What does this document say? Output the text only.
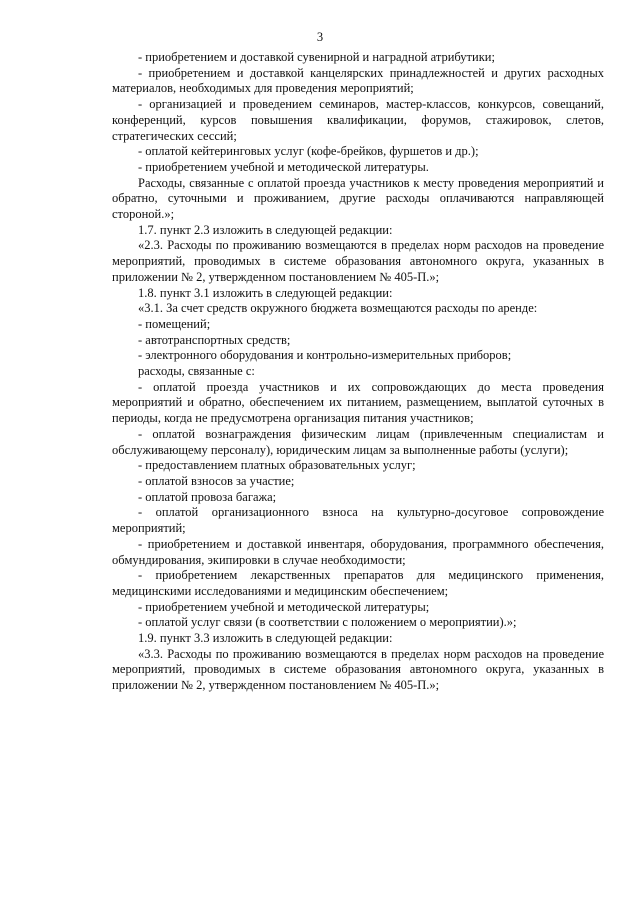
3

- приобретением и доставкой сувенирной и наградной атрибутики;

- приобретением и доставкой канцелярских принадлежностей и других расходных материалов, необходимых для проведения мероприятий;

- организацией и проведением семинаров, мастер-классов, конкурсов, совещаний, конференций, курсов повышения квалификации, форумов, стажировок, слетов, стратегических сессий;

- оплатой кейтеринговых услуг (кофе-брейков, фуршетов и др.);

- приобретением учебной и методической литературы.

Расходы, связанные с оплатой проезда участников к месту проведения мероприятий и обратно, суточными и проживанием, другие расходы оплачиваются направляющей стороной.»;

1.7. пункт 2.3 изложить в следующей редакции:

«2.3. Расходы по проживанию возмещаются в пределах норм расходов на проведение мероприятий, проводимых в системе образования автономного округа, указанных в приложении № 2, утвержденном постановлением № 405-П.»;

1.8. пункт 3.1 изложить в следующей редакции:

«3.1. За счет средств окружного бюджета возмещаются расходы по аренде:

- помещений;

- автотранспортных средств;

- электронного оборудования и контрольно-измерительных приборов;

расходы, связанные с:

- оплатой проезда участников и их сопровождающих до места проведения мероприятий и обратно, обеспечением их питанием, размещением, выплатой суточных в периоды, когда не предусмотрена организация питания участников;

- оплатой вознаграждения физическим лицам (привлеченным специалистам и обслуживающему персоналу), юридическим лицам за выполненные работы (услуги);

- предоставлением платных образовательных услуг;

- оплатой взносов за участие;

- оплатой провоза багажа;

- оплатой организационного взноса на культурно-досуговое сопровождение мероприятий;

- приобретением и доставкой инвентаря, оборудования, программного обеспечения, обмундирования, экипировки в случае необходимости;

- приобретением лекарственных препаратов для медицинского применения, медицинскими исследованиями и медицинским обеспечением;

- приобретением учебной и методической литературы;

- оплатой услуг связи (в соответствии с положением о мероприятии).»;

1.9. пункт 3.3 изложить в следующей редакции:

«3.3. Расходы по проживанию возмещаются в пределах норм расходов на проведение мероприятий, проводимых в системе образования автономного округа, указанных в приложении № 2, утвержденном постановлением № 405-П.»;
